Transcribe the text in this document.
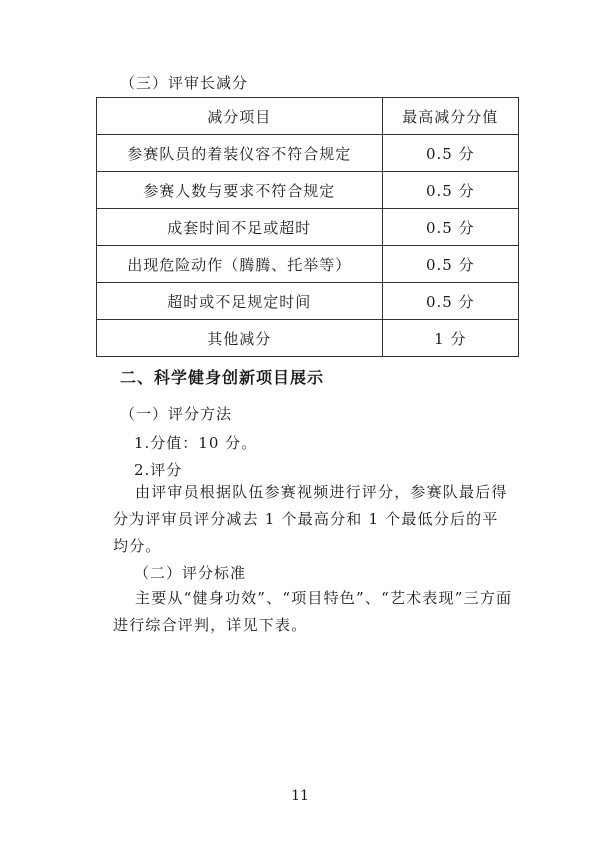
（三）评审长减分
减分项目	最高减分分值
参赛队员的着装仪容不符合规定	0.5 分
参赛人数与要求不符合规定	0.5 分
成套时间不足或超时	0.5 分
出现危险动作（腾腾、托举等）	0.5 分
超时或不足规定时间	0.5 分
其他减分	1 分
二、科学健身创新项目展示
（一）评分方法
1.分值：10 分。
2.评分
由评审员根据队伍参赛视频进行评分，参赛队最后得分为评审员评分减去 1 个最高分和 1 个最低分后的平均分。
（二）评分标准
主要从“健身功效”、“项目特色”、“艺术表现”三方面进行综合评判，详见下表。
11
